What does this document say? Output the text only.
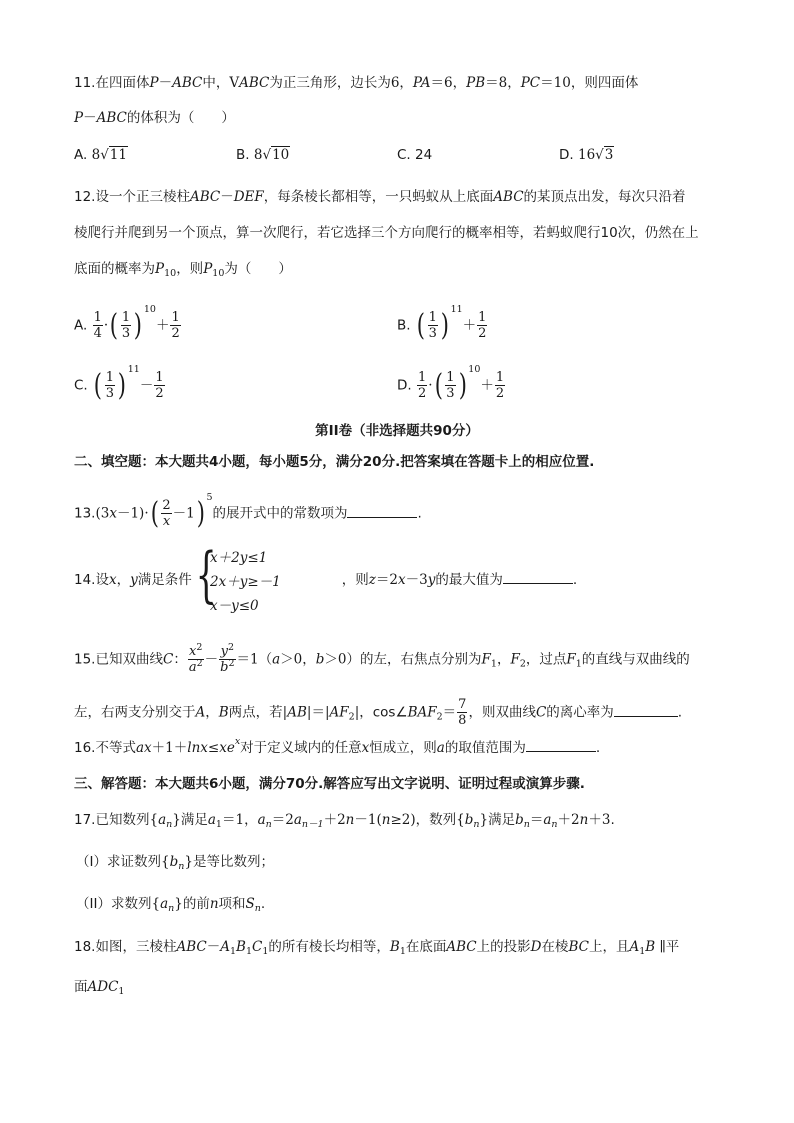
11.在四面体P－ABC中，VABC为正三角形，边长为6，PA＝6，PB＝8，PC＝10，则四面体
P－ABC的体积为（　　）
A. 8√11	B. 8√10	C. 24	D. 16√3
12.设一个正三棱柱ABC－DEF，每条棱长都相等，一只蚂蚁从上底面ABC的某顶点出发，每次只沿着
棱爬行并爬到另一个顶点，算一次爬行，若它选择三个方向爬行的概率相等，若蚂蚁爬行10次，仍然在上
底面的概率为$P_{10}$，则$P_{10}$为（　　）
A. $\frac{1}{4}$ ·( $\frac{1}{3}$ ) $10+ \frac{1}{2}$	B. ( $\frac{1}{3}$ ) $11+ \frac{1}{2}$
C. ( $\frac{1}{3}$ ) $11- \frac{1}{2}$	D. $\frac{1}{2}$ ·( $\frac{1}{3}$ ) $10+ \frac{1}{2}$
第II卷（非选择题共90分）
二、填空题：本大题共4小题，每小题5分，满分20分.把答案填在答题卡上的相应位置.
$13.(3x-1)\cdot( \frac{2}{x} -1)$ 5的展开式中的常数项为	.
14.设x，y满足条件	，则z＝2x－3y的最大值为	.
{
x＋2y≤1
2x＋y≥－1
x－y≤0
15.已知双曲线C： $\frac{x2}{a2} - \frac{y2}{b2} =1(a>0$，b＞0）的左，右焦点分别为$F_1$，$F_2$，过点$F_1$的直线与双曲线的
左，右两支分别交于A，B两点，若$|AB|=|AF_2|$，$\cos\angle BAF_2= \frac{7}{8}$ ，则双曲线C的离心率为	.
16.不等式ax＋1＋lnx≤xex对于定义域内的任意x恒成立，则a的取值范围为	.
三、解答题：本大题共6小题，满分70分.解答应写出文字说明、证明过程或演算步骤.
17.已知数列$\{a_n\}$满足$a_1=1$，$a_n=2a_{n-1}+2n-1(n\ge 2)$，数列$\{b_n\}$满足$b_n=a_n+2n+3$.
（I）求证数列$\{b_n\}$是等比数列；
（II）求数列$\{a_n\}$的前n项和$S_n$.
18.如图，三棱柱$ABC-A_1B_1C_1$的所有棱长均相等，$B_1$在底面ABC上的投影D在棱BC上，且$A_1B$ ∥平
面$ADC_1$
